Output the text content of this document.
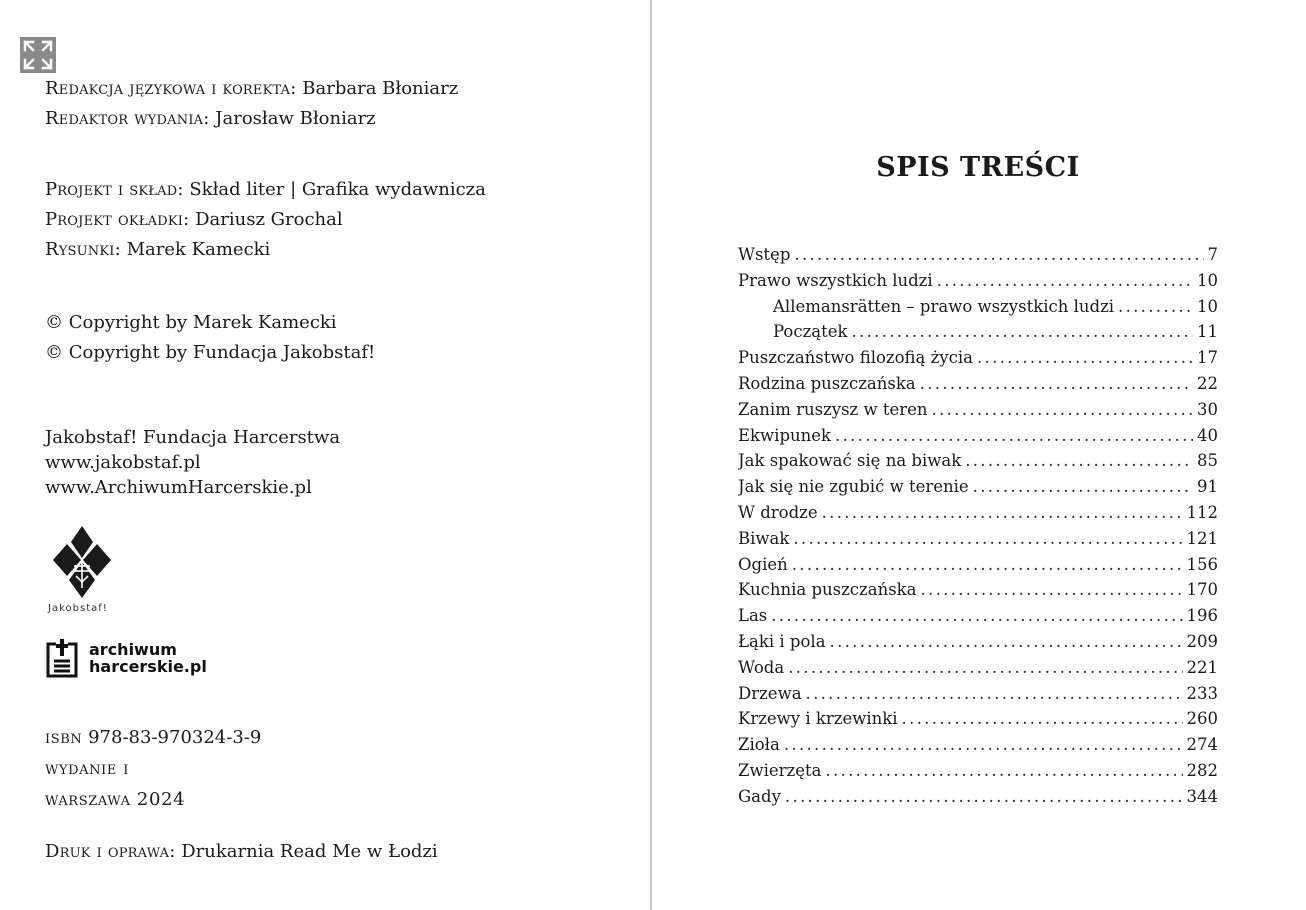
Redakcja językowa i korekta: Barbara Błoniarz
Redaktor wydania: Jarosław Błoniarz
Projekt i skład: Skład liter | Grafika wydawnicza
Projekt okładki: Dariusz Grochal
Rysunki: Marek Kamecki
© Copyright by Marek Kamecki
© Copyright by Fundacja Jakobstaf!
Jakobstaf! Fundacja Harcerstwa
www.jakobstaf.pl
www.ArchiwumHarcerskie.pl
Jakobstaf!
archiwum
harcerskie.pl
isbn 978-83-970324-3-9
wydanie i
warszawa 2024
Druk i oprawa: Drukarnia Read Me w Łodzi
SPIS TREŚCI
Wstęp .....	7
Prawo wszystkich ludzi .....	10
Allemansrätten – prawo wszystkich ludzi .....	10
Początek .....	11
Puszczaństwo filozofią życia .....	17
Rodzina puszczańska .....	22
Zanim ruszysz w teren .....	30
Ekwipunek .....	40
Jak spakować się na biwak .....	85
Jak się nie zgubić w terenie .....	91
W drodze .....	112
Biwak .....	121
Ogień .....	156
Kuchnia puszczańska .....	170
Las .....	196
Łąki i pola .....	209
Woda .....	221
Drzewa .....	233
Krzewy i krzewinki .....	260
Zioła .....	274
Zwierzęta .....	282
Gady .....	344
